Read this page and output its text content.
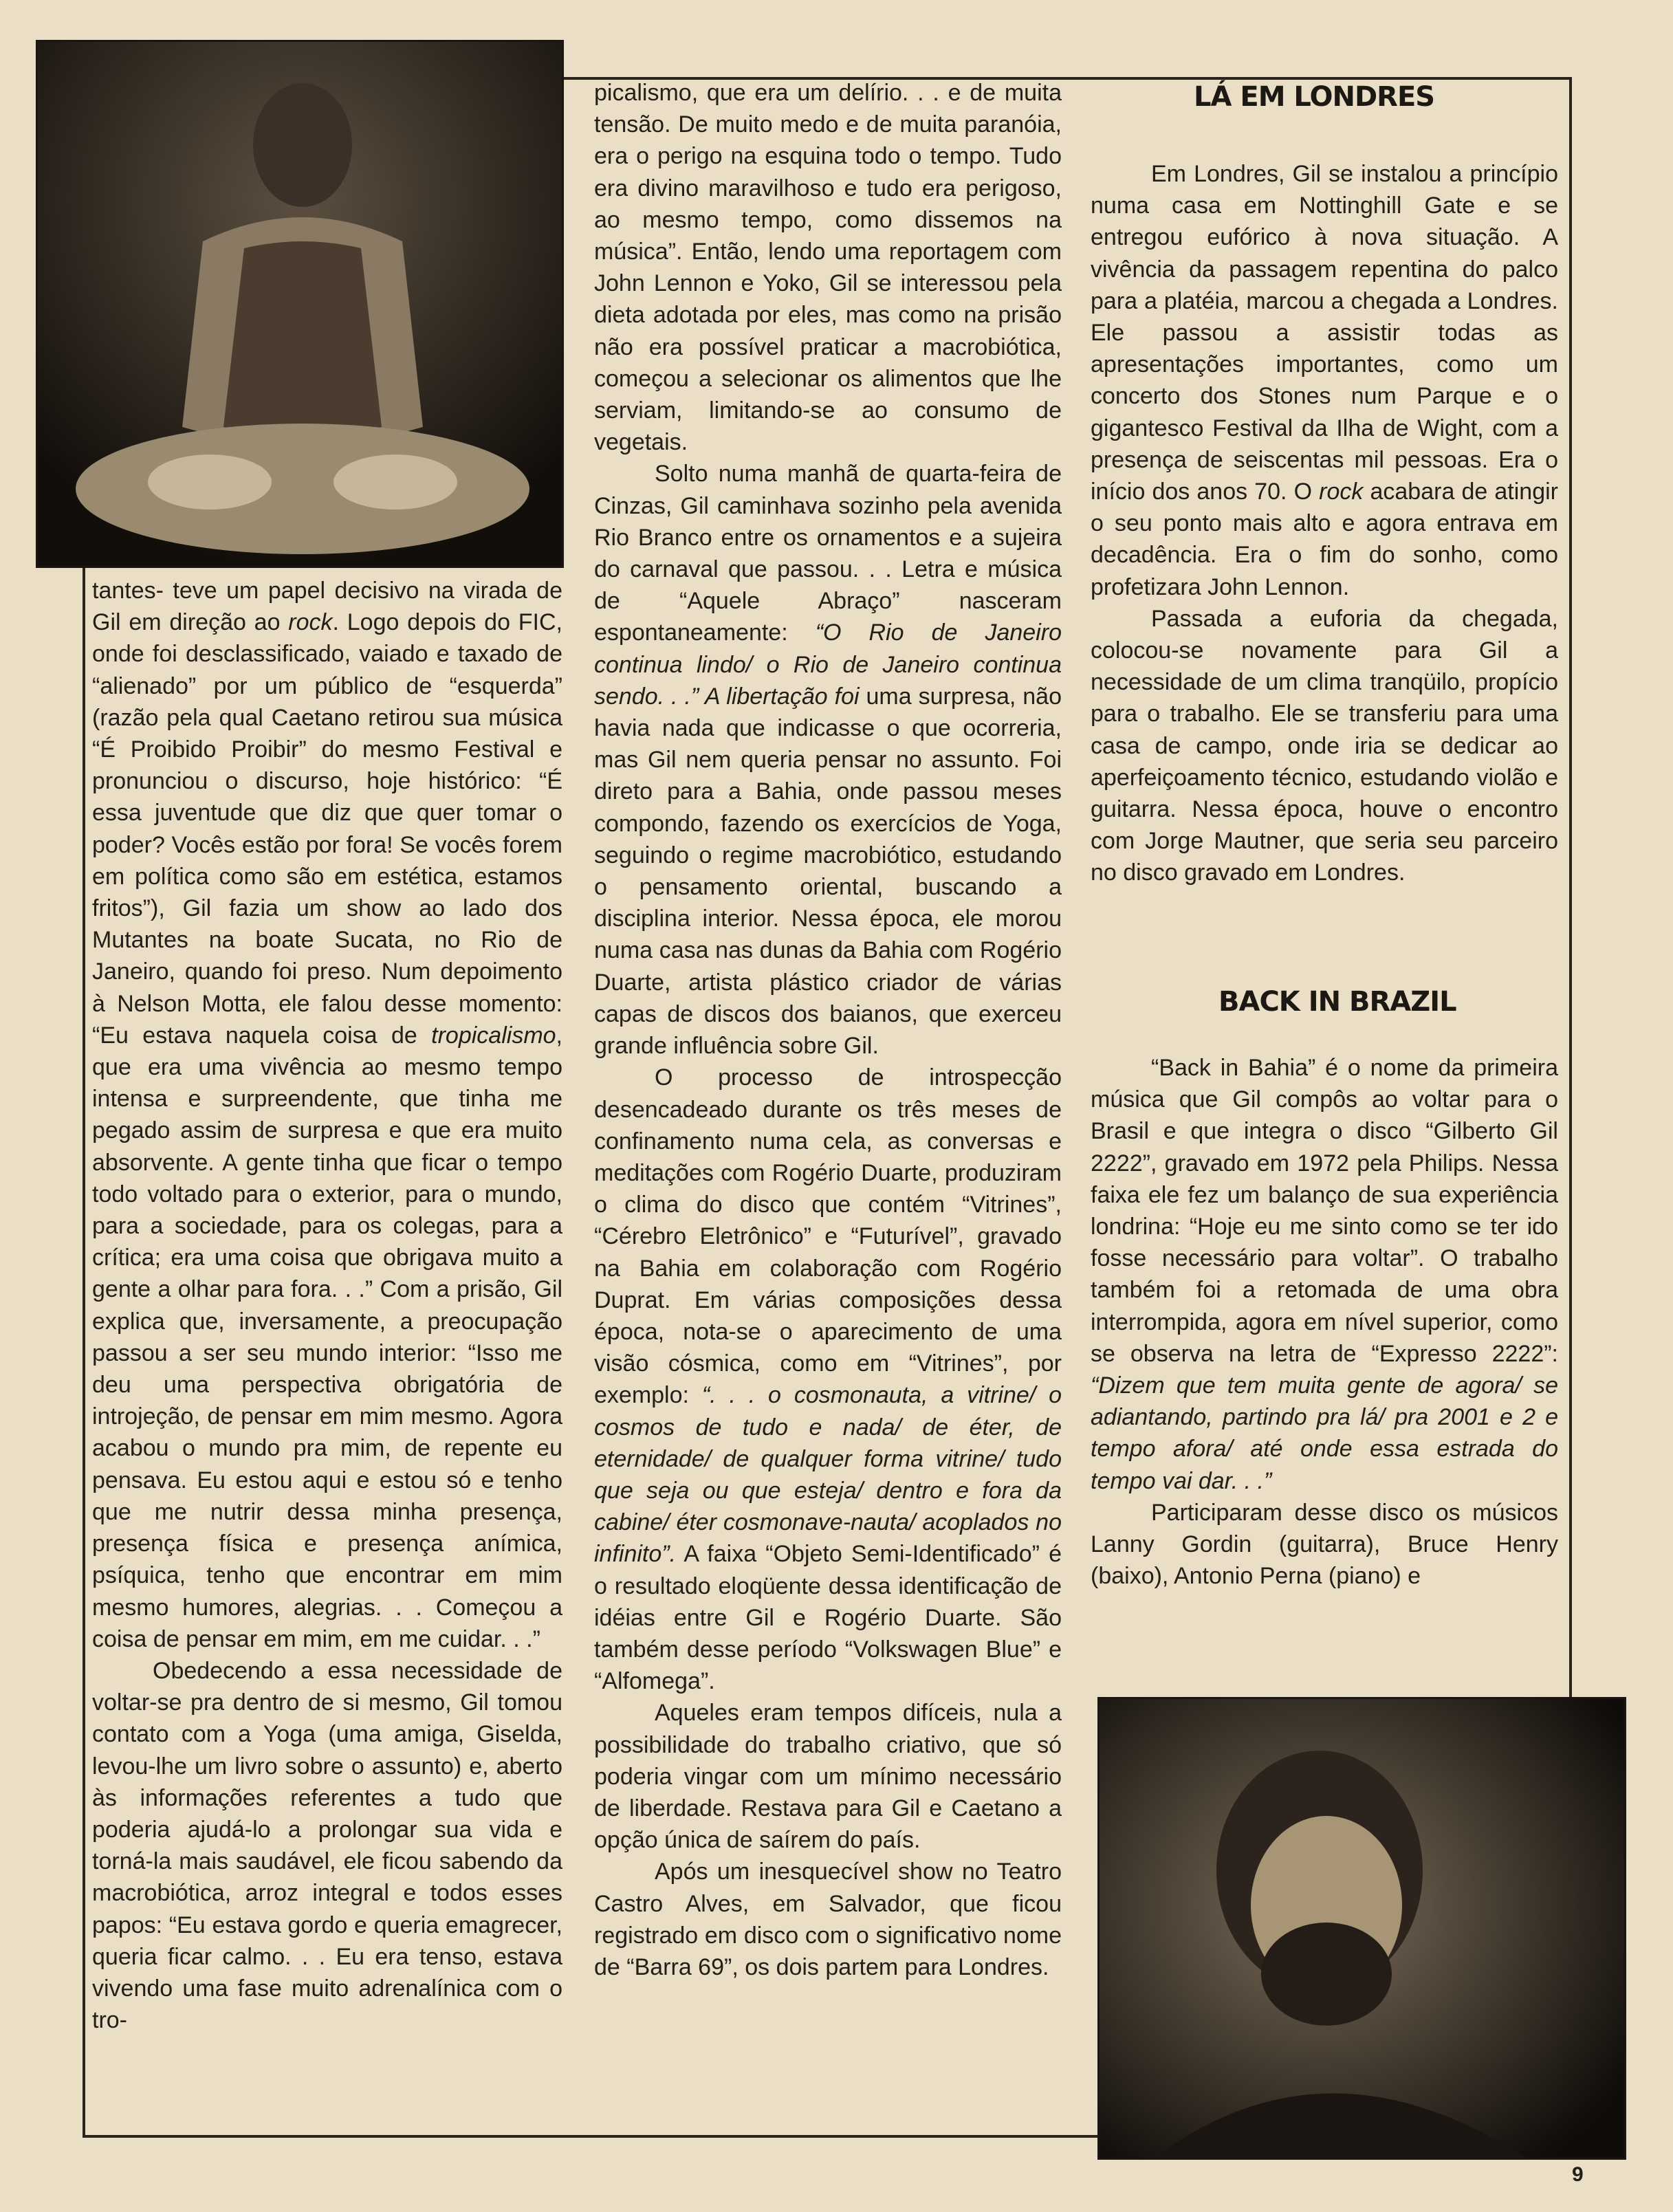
tantes- teve um papel decisivo na virada de Gil em direção ao rock. Logo depois do FIC, onde foi desclassificado, vaiado e taxado de “alienado” por um público de “esquerda” (razão pela qual Caetano retirou sua música “É Proibido Proibir” do mesmo Festival e pronunciou o discurso, hoje histórico: “É essa juventude que diz que quer tomar o poder? Vocês estão por fora! Se vocês forem em política como são em estética, estamos fritos”), Gil fazia um show ao lado dos Mutantes na boate Sucata, no Rio de Janeiro, quando foi preso. Num depoimento à Nelson Motta, ele falou desse momento: “Eu estava naquela coisa de tropicalismo, que era uma vivência ao mesmo tempo intensa e surpreendente, que tinha me pegado assim de surpresa e que era muito absorvente. A gente tinha que ficar o tempo todo voltado para o exterior, para o mundo, para a sociedade, para os colegas, para a crítica; era uma coisa que obrigava muito a gente a olhar para fora. . .” Com a prisão, Gil explica que, inversamente, a preocupação passou a ser seu mundo interior: “Isso me deu uma perspectiva obrigatória de introjeção, de pensar em mim mesmo. Agora acabou o mundo pra mim, de repente eu pensava. Eu estou aqui e estou só e tenho que me nutrir dessa minha presença, presença física e presença anímica, psíquica, tenho que encontrar em mim mesmo humores, alegrias. . . Começou a coisa de pensar em mim, em me cuidar. . .”

Obedecendo a essa necessidade de voltar-se pra dentro de si mesmo, Gil tomou contato com a Yoga (uma amiga, Giselda, levou-lhe um livro sobre o assunto) e, aberto às informações referentes a tudo que poderia ajudá-lo a prolongar sua vida e torná-la mais saudável, ele ficou sabendo da macrobiótica, arroz integral e todos esses papos: “Eu estava gordo e queria emagrecer, queria ficar calmo. . . Eu era tenso, estava vivendo uma fase muito adrenalínica com o tro-

picalismo, que era um delírio. . . e de muita tensão. De muito medo e de muita paranóia, era o perigo na esquina todo o tempo. Tudo era divino maravilhoso e tudo era perigoso, ao mesmo tempo, como dissemos na música”. Então, lendo uma reportagem com John Lennon e Yoko, Gil se interessou pela dieta adotada por eles, mas como na prisão não era possível praticar a macrobiótica, começou a selecionar os alimentos que lhe serviam, limitando-se ao consumo de vegetais.

Solto numa manhã de quarta-feira de Cinzas, Gil caminhava sozinho pela avenida Rio Branco entre os ornamentos e a sujeira do carnaval que passou. . . Letra e música de “Aquele Abraço” nasceram espontaneamente: “O Rio de Janeiro continua lindo/ o Rio de Janeiro continua sendo. . .” A libertação foi uma surpresa, não havia nada que indicasse o que ocorreria, mas Gil nem queria pensar no assunto. Foi direto para a Bahia, onde passou meses compondo, fazendo os exercícios de Yoga, seguindo o regime macrobiótico, estudando o pensamento oriental, buscando a disciplina interior. Nessa época, ele morou numa casa nas dunas da Bahia com Rogério Duarte, artista plástico criador de várias capas de discos dos baianos, que exerceu grande influência sobre Gil.

O processo de introspecção desencadeado durante os três meses de confinamento numa cela, as conversas e meditações com Rogério Duarte, produziram o clima do disco que contém “Vitrines”, “Cérebro Eletrônico” e “Futurível”, gravado na Bahia em colaboração com Rogério Duprat. Em várias composições dessa época, nota-se o aparecimento de uma visão cósmica, como em “Vitrines”, por exemplo: “. . . o cosmonauta, a vitrine/ o cosmos de tudo e nada/ de éter, de eternidade/ de qualquer forma vitrine/ tudo que seja ou que esteja/ dentro e fora da cabine/ éter cosmonave-nauta/ acoplados no infinito”. A faixa “Objeto Semi-Identificado” é o resultado eloqüente dessa identificação de idéias entre Gil e Rogério Duarte. São também desse período “Volkswagen Blue” e “Alfomega”.

Aqueles eram tempos difíceis, nula a possibilidade do trabalho criativo, que só poderia vingar com um mínimo necessário de liberdade. Restava para Gil e Caetano a opção única de saírem do país.

Após um inesquecível show no Teatro Castro Alves, em Salvador, que ficou registrado em disco com o significativo nome de “Barra 69”, os dois partem para Londres.

LÁ EM LONDRES
BACK IN BRAZIL

Em Londres, Gil se instalou a princípio numa casa em Nottinghill Gate e se entregou eufórico à nova situação. A vivência da passagem repentina do palco para a platéia, marcou a chegada a Londres. Ele passou a assistir todas as apresentações importantes, como um concerto dos Stones num Parque e o gigantesco Festival da Ilha de Wight, com a presença de seiscentas mil pessoas. Era o início dos anos 70. O rock acabara de atingir o seu ponto mais alto e agora entrava em decadência. Era o fim do sonho, como profetizara John Lennon.

Passada a euforia da chegada, colocou-se novamente para Gil a necessidade de um clima tranqüilo, propício para o trabalho. Ele se transferiu para uma casa de campo, onde iria se dedicar ao aperfeiçoamento técnico, estudando violão e guitarra. Nessa época, houve o encontro com Jorge Mautner, que seria seu parceiro no disco gravado em Londres.

“Back in Bahia” é o nome da primeira música que Gil compôs ao voltar para o Brasil e que integra o disco “Gilberto Gil 2222”, gravado em 1972 pela Philips. Nessa faixa ele fez um balanço de sua experiência londrina: “Hoje eu me sinto como se ter ido fosse necessário para voltar”. O trabalho também foi a retomada de uma obra interrompida, agora em nível superior, como se observa na letra de “Expresso 2222”: “Dizem que tem muita gente de agora/ se adiantando, partindo pra lá/ pra 2001 e 2 e tempo afora/ até onde essa estrada do tempo vai dar. . .”

Participaram desse disco os músicos Lanny Gordin (guitarra), Bruce Henry (baixo), Antonio Perna (piano) e

9
